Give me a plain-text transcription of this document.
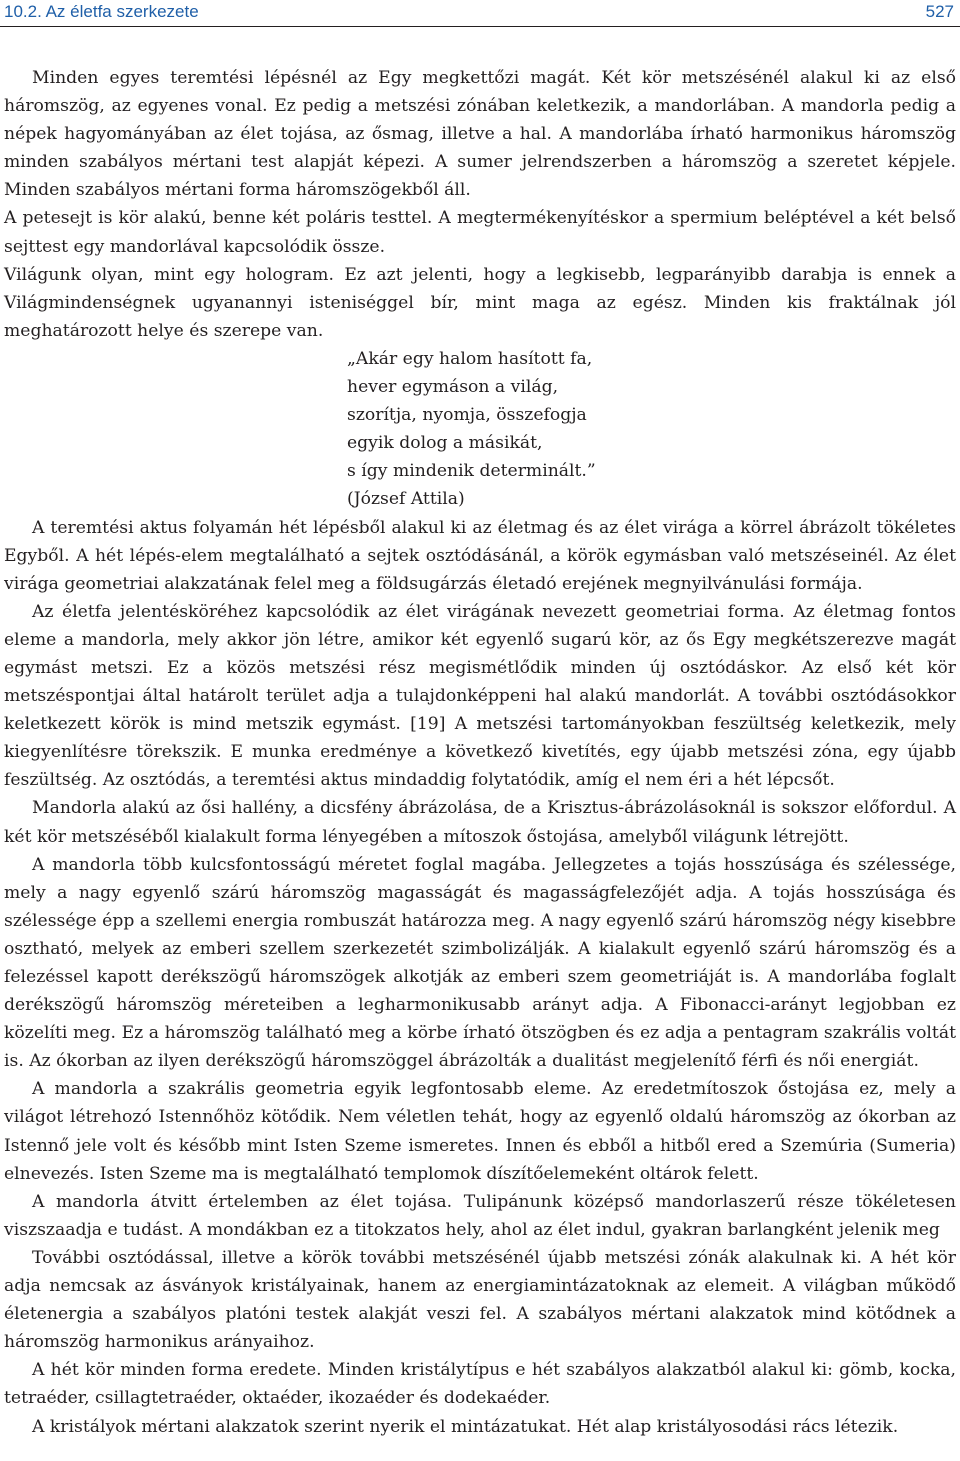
10.2. Az életfa szerkezete	527

Minden egyes teremtési lépésnél az Egy megkettőzi magát. Két kör metszésénél alakul ki az első háromszög, az egyenes vonal. Ez pedig a metszési zónában keletkezik, a mandorlában. A mandorla pedig a népek hagyományában az élet tojása, az ősmag, illetve a hal. A mandorlába írható harmonikus háromszög minden szabályos mértani test alapját képezi. A sumer jelrendszerben a háromszög a szeretet képjele. Minden szabályos mértani forma háromszögekből áll.

A petesejt is kör alakú, benne két poláris testtel. A megtermékenyítéskor a spermium beléptével a két belső sejttest egy mandorlával kapcsolódik össze.

Világunk olyan, mint egy hologram. Ez azt jelenti, hogy a legkisebb, legparányibb darabja is ennek a Világmindenségnek ugyanannyi isteniséggel bír, mint maga az egész. Minden kis fraktálnak jól meghatározott helye és szerepe van.

„Akár egy halom hasított fa,
hever egymáson a világ,
szorítja, nyomja, összefogja
egyik dolog a másikát,
s így mindenik determinált.”
(József Attila)

A teremtési aktus folyamán hét lépésből alakul ki az életmag és az élet virága a körrel ábrázolt tökéletes Egyből. A hét lépés-elem megtalálható a sejtek osztódásánál, a körök egymásban való metszéseinél. Az élet virága geometriai alakzatának felel meg a földsugárzás életadó erejének megnyilvánulási formája.

Az életfa jelentésköréhez kapcsolódik az élet virágának nevezett geometriai forma. Az életmag fontos eleme a mandorla, mely akkor jön létre, amikor két egyenlő sugarú kör, az ős Egy megkétszerezve magát egymást metszi. Ez a közös metszési rész megismétlődik minden új osztódáskor. Az első két kör metszéspontjai által határolt terület adja a tulajdonképpeni hal alakú mandorlát. A további osztódásokkor keletkezett körök is mind metszik egymást. [19] A metszési tartományokban feszültség keletkezik, mely kiegyenlítésre törekszik. E munka eredménye a következő kivetítés, egy újabb metszési zóna, egy újabb feszültség. Az osztódás, a teremtési aktus mindaddig folytatódik, amíg el nem éri a hét lépcsőt.

Mandorla alakú az ősi hallény, a dicsfény ábrázolása, de a Krisztus-ábrázolásoknál is sokszor előfordul. A két kör metszéséből kialakult forma lényegében a mítoszok őstojása, amelyből világunk létrejött.

A mandorla több kulcsfontosságú méretet foglal magába. Jellegzetes a tojás hosszúsága és szélessége, mely a nagy egyenlő szárú háromszög magasságát és magasságfelezőjét adja. A tojás hosszúsága és szélessége épp a szellemi energia rombuszát határozza meg. A nagy egyenlő szárú háromszög négy kisebbre osztható, melyek az emberi szellem szerkezetét szimbolizálják. A kialakult egyenlő szárú háromszög és a felezéssel kapott derékszögű háromszögek alkotják az emberi szem geometriáját is. A mandorlába foglalt derékszögű háromszög méreteiben a legharmonikusabb arányt adja. A Fibonacci-arányt legjobban ez közelíti meg. Ez a háromszög található meg a körbe írható ötszögben és ez adja a pentagram szakrális voltát is. Az ókorban az ilyen derékszögű háromszöggel ábrázolták a dualitást megjelenítő férfi és női energiát.

A mandorla a szakrális geometria egyik legfontosabb eleme. Az eredetmítoszok őstojása ez, mely a világot létrehozó Istennőhöz kötődik. Nem véletlen tehát, hogy az egyenlő oldalú háromszög az ókorban az Istennő jele volt és később mint Isten Szeme ismeretes. Innen és ebből a hitből ered a Szemúria (Sumeria) elnevezés. Isten Szeme ma is megtalálható templomok díszítőelemeként oltárok felett.

A mandorla átvitt értelemben az élet tojása. Tulipánunk középső mandorlaszerű része tökéletesen viszszaadja e tudást. A mondákban ez a titokzatos hely, ahol az élet indul, gyakran barlangként jelenik meg

További osztódással, illetve a körök további metszésénél újabb metszési zónák alakulnak ki. A hét kör adja nemcsak az ásványok kristályainak, hanem az energiamintázatoknak az elemeit. A világban működő életenergia a szabályos platóni testek alakját veszi fel. A szabályos mértani alakzatok mind kötődnek a háromszög harmonikus arányaihoz.

A hét kör minden forma eredete. Minden kristálytípus e hét szabályos alakzatból alakul ki: gömb, kocka, tetraéder, csillagtetraéder, oktaéder, ikozaéder és dodekaéder.

A kristályok mértani alakzatok szerint nyerik el mintázatukat. Hét alap kristályosodási rács létezik.
